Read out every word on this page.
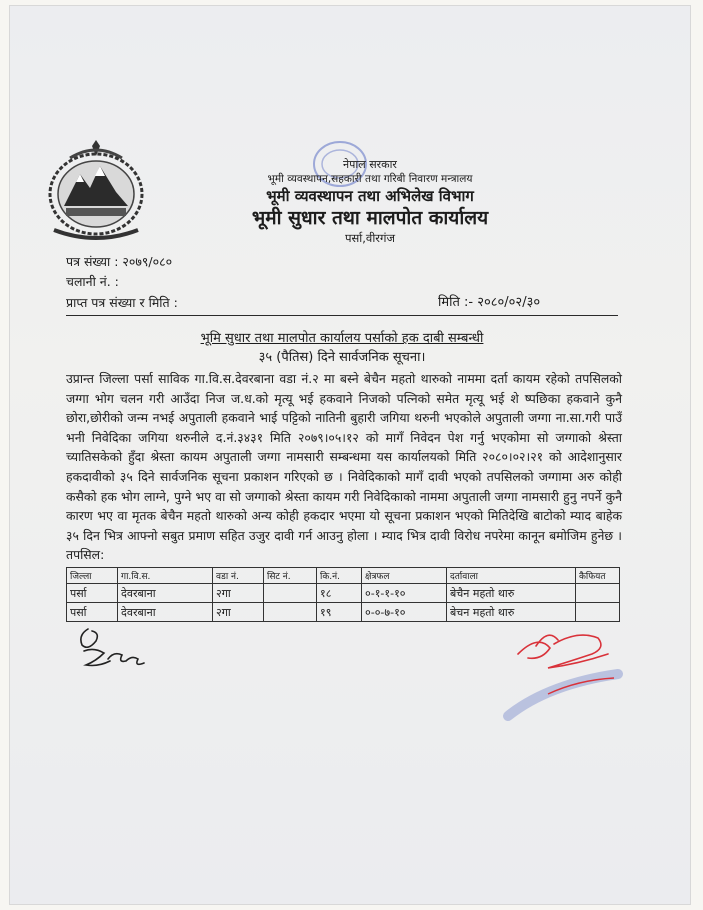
नेपाल सरकार
भूमी व्यवस्थापन,सहकारी तथा गरिबी निवारण मन्त्रालय
भूमी व्यवस्थापन तथा अभिलेख विभाग
भूमी सुधार तथा मालपोत कार्यालय
पर्सा,वीरगंज
पत्र संख्या : २०७९/०८०
चलानी नं. :
प्राप्त पत्र संख्या र मिति :	मिति :- २०८०/०२/३०
भूमि सुधार तथा मालपोत कार्यालय पर्साको हक दाबी सम्बन्धी
३५ (पैतिस) दिने सार्वजनिक सूचना।
उप्रान्त जिल्ला पर्सा साविक गा.वि.स.देवरबाना वडा नं.२ मा बस्ने बेचैन महतो थारुको नाममा दर्ता कायम रहेको तपसिलको जग्गा भोग चलन गरी आउँदा निज ज.ध.को मृत्यू भई हकवाने निजको पत्निको समेत मृत्यू भई शे ष्पछिका हकवाने कुनै छोरा,छोरीको जन्म नभई अपुताली हकवाने भाई पट्टिको नातिनी बुहारी जगिया थरुनी भएकोले अपुताली जग्गा ना.सा.गरी पाउँ भनी निवेदिका जगिया थरुनीले द.नं.३४३१ मिति २०७९।०५।१२ को मागँ निवेदन पेश गर्नु भएकोमा सो जग्गाको श्रेस्ता च्यातिसकेको हुँदा श्रेस्ता कायम अपुताली जग्गा नामसारी सम्बन्धमा यस कार्यालयको मिति २०८०।०२।२१ को आदेशानुसार हकदावीको ३५ दिने सार्वजनिक सूचना प्रकाशन गरिएको छ । निवेदिकाको मागँ दावी भएको तपसिलको जग्गामा अरु कोही कसैको हक भोग लाग्ने, पुग्ने भए वा सो जग्गाको श्रेस्ता कायम गरी निवेदिकाको नाममा अपुताली जग्गा नामसारी हुनु नपर्ने कुनै कारण भए वा मृतक बेचैन महतो थारुको अन्य कोही हकदार भएमा यो सूचना प्रकाशन भएको मितिदेखि बाटोको म्याद बाहेक ३५ दिन भित्र आफ्नो सबुत प्रमाण सहित उजुर दावी गर्न आउनु होला । म्याद भित्र दावी विरोध नपरेमा कानून बमोजिम हुनेछ । तपसिल:
जिल्ला	गा.वि.स.	वडा नं.	सिट नं.	कि.नं.	क्षेत्रफल	दर्तावाला	कैफियत
पर्सा	देवरबाना	२गा		१८	०-१-१-१०	बेचैन महतो थारु	
पर्सा	देवरबाना	२गा		१९	०-०-७-१०	बेचन महतो थारु	
